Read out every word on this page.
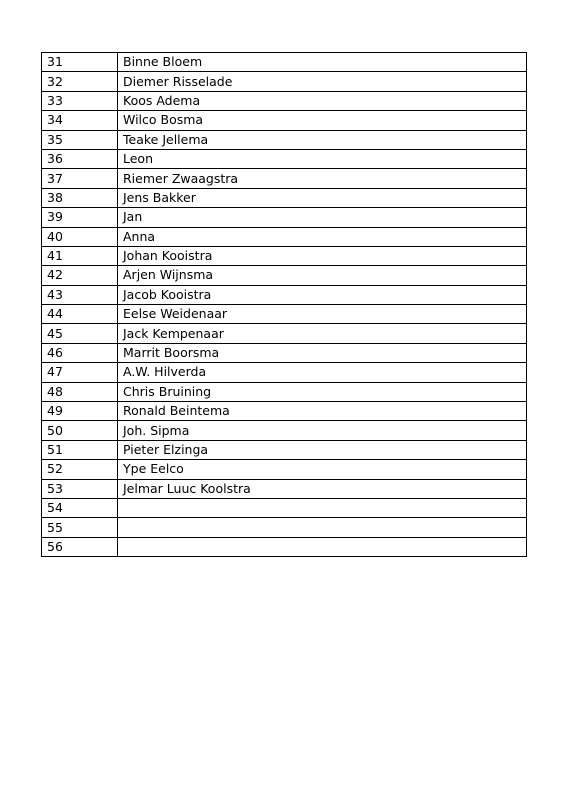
31	Binne Bloem
32	Diemer Risselade
33	Koos Adema
34	Wilco Bosma
35	Teake Jellema
36	Leon
37	Riemer Zwaagstra
38	Jens Bakker
39	Jan
40	Anna
41	Johan Kooistra
42	Arjen Wijnsma
43	Jacob Kooistra
44	Eelse Weidenaar
45	Jack Kempenaar
46	Marrit Boorsma
47	A.W. Hilverda
48	Chris Bruining
49	Ronald Beintema
50	Joh. Sipma
51	Pieter Elzinga
52	Ype Eelco
53	Jelmar Luuc Koolstra
54	
55	
56	
